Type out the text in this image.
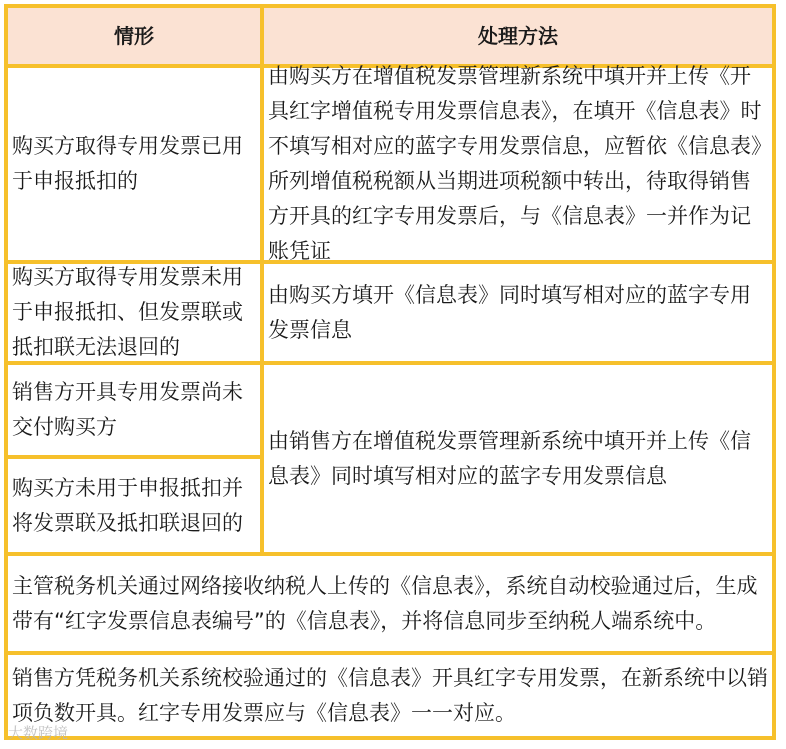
情形	处理方法
购买方取得专用发票已用于申报抵扣的
由购买方在增值税发票管理新系统中填开并上传《开具红字增值税专用发票信息表》，在填开《信息表》时不填写相对应的蓝字专用发票信息，应暂依《信息表》所列增值税税额从当期进项税额中转出，待取得销售方开具的红字专用发票后，与《信息表》一并作为记账凭证
购买方取得专用发票未用于申报抵扣、但发票联或抵扣联无法退回的
由购买方填开《信息表》同时填写相对应的蓝字专用发票信息
销售方开具专用发票尚未交付购买方
购买方未用于申报抵扣并将发票联及抵扣联退回的
由销售方在增值税发票管理新系统中填开并上传《信息表》同时填写相对应的蓝字专用发票信息
主管税务机关通过网络接收纳税人上传的《信息表》，系统自动校验通过后，生成带有“红字发票信息表编号”的《信息表》，并将信息同步至纳税人端系统中。
销售方凭税务机关系统校验通过的《信息表》开具红字专用发票，在新系统中以销项负数开具。红字专用发票应与《信息表》一一对应。
大数跨境
